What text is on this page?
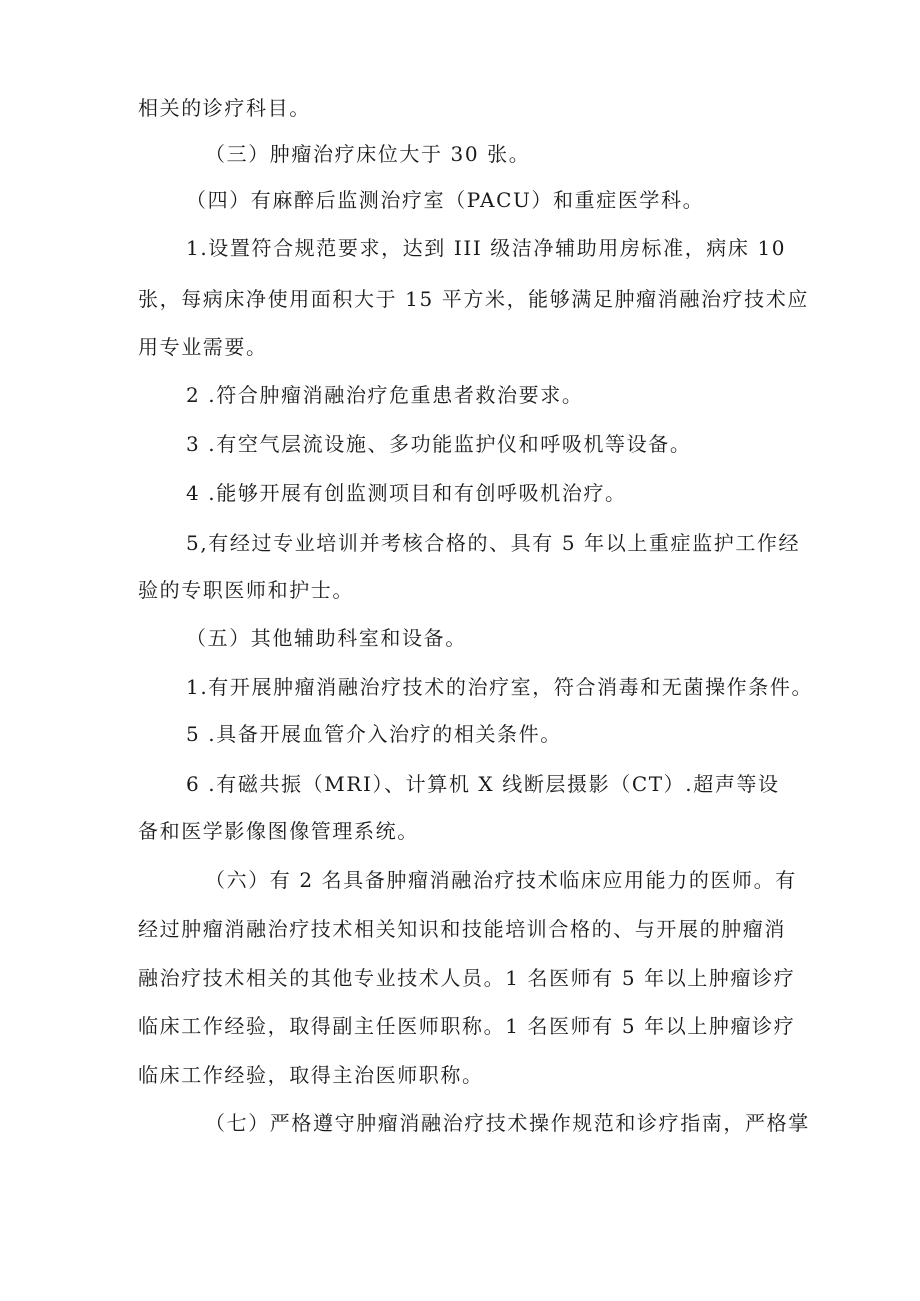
相关的诊疗科目。
（三）肿瘤治疗床位大于 30 张。
（四）有麻醉后监测治疗室（PACU）和重症医学科。
1.设置符合规范要求，达到 III 级洁净辅助用房标准，病床 10
张，每病床净使用面积大于 15 平方米，能够满足肿瘤消融治疗技术应
用专业需要。
2 .符合肿瘤消融治疗危重患者救治要求。
3 .有空气层流设施、多功能监护仪和呼吸机等设备。
4 .能够开展有创监测项目和有创呼吸机治疗。
5,有经过专业培训并考核合格的、具有 5 年以上重症监护工作经
验的专职医师和护士。
（五）其他辅助科室和设备。
1.有开展肿瘤消融治疗技术的治疗室，符合消毒和无菌操作条件。
5 .具备开展血管介入治疗的相关条件。
6 .有磁共振（MRI）、计算机 X 线断层摄影（CT）.超声等设
备和医学影像图像管理系统。
（六）有 2 名具备肿瘤消融治疗技术临床应用能力的医师。有
经过肿瘤消融治疗技术相关知识和技能培训合格的、与开展的肿瘤消
融治疗技术相关的其他专业技术人员。1 名医师有 5 年以上肿瘤诊疗
临床工作经验，取得副主任医师职称。1 名医师有 5 年以上肿瘤诊疗
临床工作经验，取得主治医师职称。
（七）严格遵守肿瘤消融治疗技术操作规范和诊疗指南，严格掌
